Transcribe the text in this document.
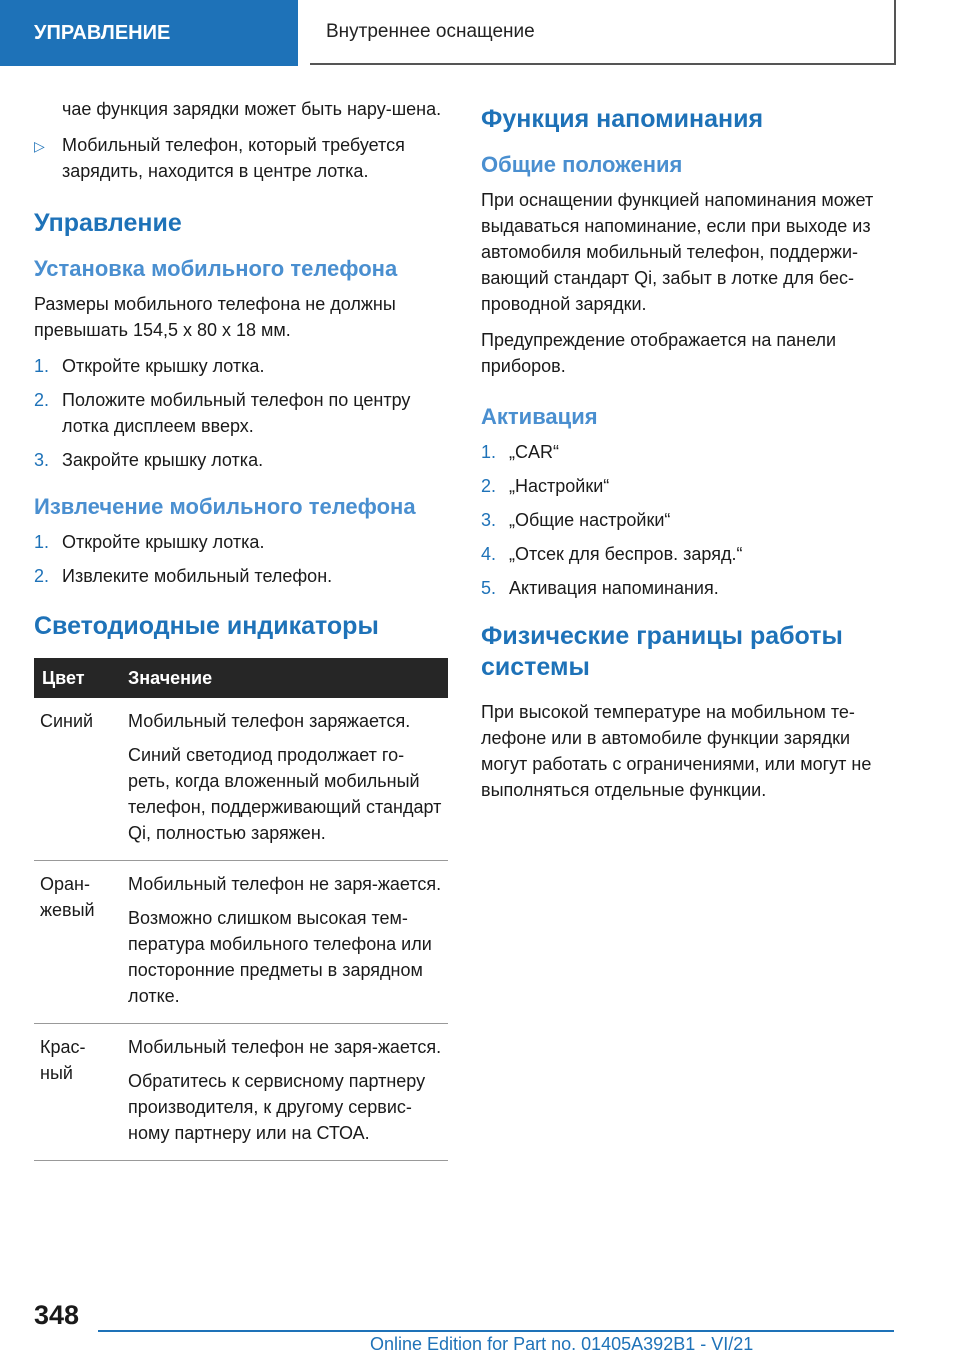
УПРАВЛЕНИЕ	Внутреннее оснащение

чае функция зарядки может быть нару-шена.

▷ Мобильный телефон, который требуется зарядить, находится в центре лотка.
Управление
Установка мобильного телефона

Размеры мобильного телефона не должны превышать 154,5 x 80 x 18 мм.

1. Откройте крышку лотка.
2. Положите мобильный телефон по центру лотка дисплеем вверх.
3. Закройте крышку лотка.
Извлечение мобильного телефона
1. Откройте крышку лотка.
2. Извлеките мобильный телефон.
Светодиодные индикаторы
Цвет	Значение
Синий	Мобильный телефон заряжается.

Синий светодиод продолжает го-реть, когда вложенный мобильный телефон, поддерживающий стандарт Qi, полностью заряжен.

Оран-жевый	Мобильный телефон не заря-жается.

Возможно слишком высокая тем-пература мобильного телефона или посторонние предметы в зарядном лотке.

Крас-ный	Мобильный телефон не заря-жается.

Обратитесь к сервисному партнеру производителя, к другому сервис-ному партнеру или на СТОА.

Функция напоминания
Общие положения

При оснащении функцией напоминания может выдаваться напоминание, если при выходе из автомобиля мобильный телефон, поддержи-вающий стандарт Qi, забыт в лотке для бес-проводной зарядки.

Предупреждение отображается на панели приборов.

Активация
1. „CAR“
2. „Настройки“
3. „Общие настройки“
4. „Отсек для беспров. заряд.“
5. Активация напоминания.
Физические границы работы системы

При высокой температуре на мобильном те-лефоне или в автомобиле функции зарядки могут работать с ограничениями, или могут не выполняться отдельные функции.

348
Online Edition for Part no. 01405A392B1 - VI/21
